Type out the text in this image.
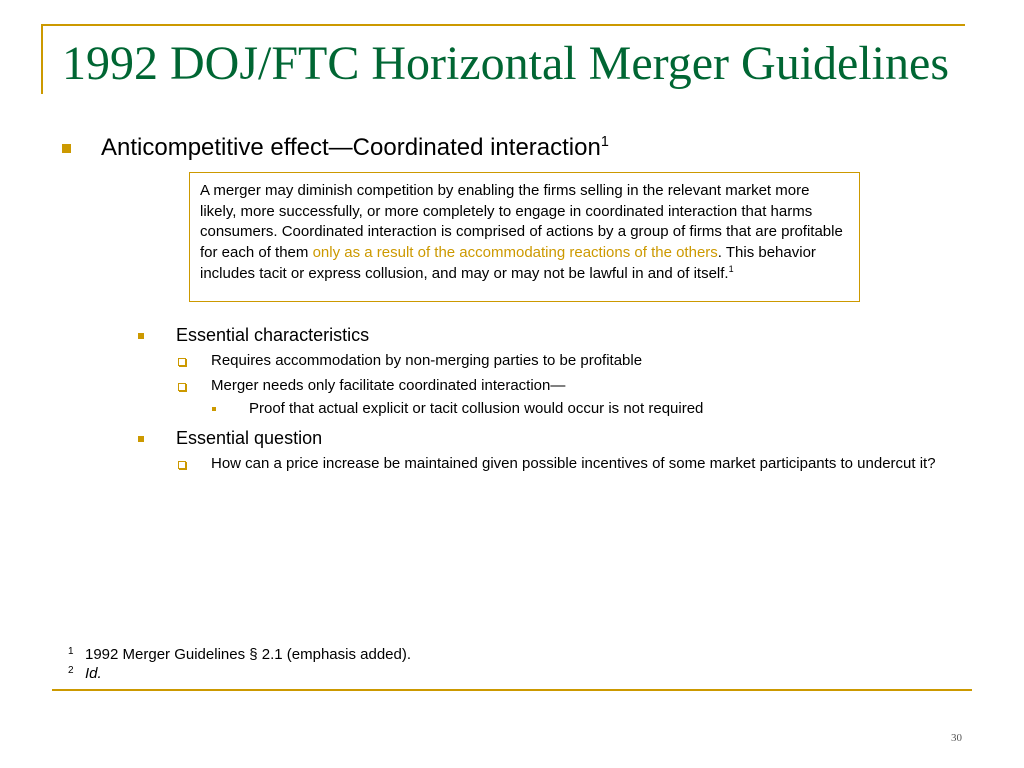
1992 DOJ/FTC Horizontal Merger Guidelines
Anticompetitive effect—Coordinated interaction$^1$
A merger may diminish competition by enabling the firms selling in the relevant market more likely, more successfully, or more completely to engage in coordinated interaction that harms consumers. Coordinated interaction is comprised of actions by a group of firms that are profitable for each of them only as a result of the accommodating reactions of the others. This behavior includes tacit or express collusion, and may or may not be lawful in and of itself.$^1$
Essential characteristics
Requires accommodation by non-merging parties to be profitable
Merger needs only facilitate coordinated interaction—
Proof that actual explicit or tacit collusion would occur is not required
Essential question
How can a price increase be maintained given possible incentives of some market participants to undercut it?
1 1992 Merger Guidelines § 2.1 (emphasis added).
2 Id.
30
